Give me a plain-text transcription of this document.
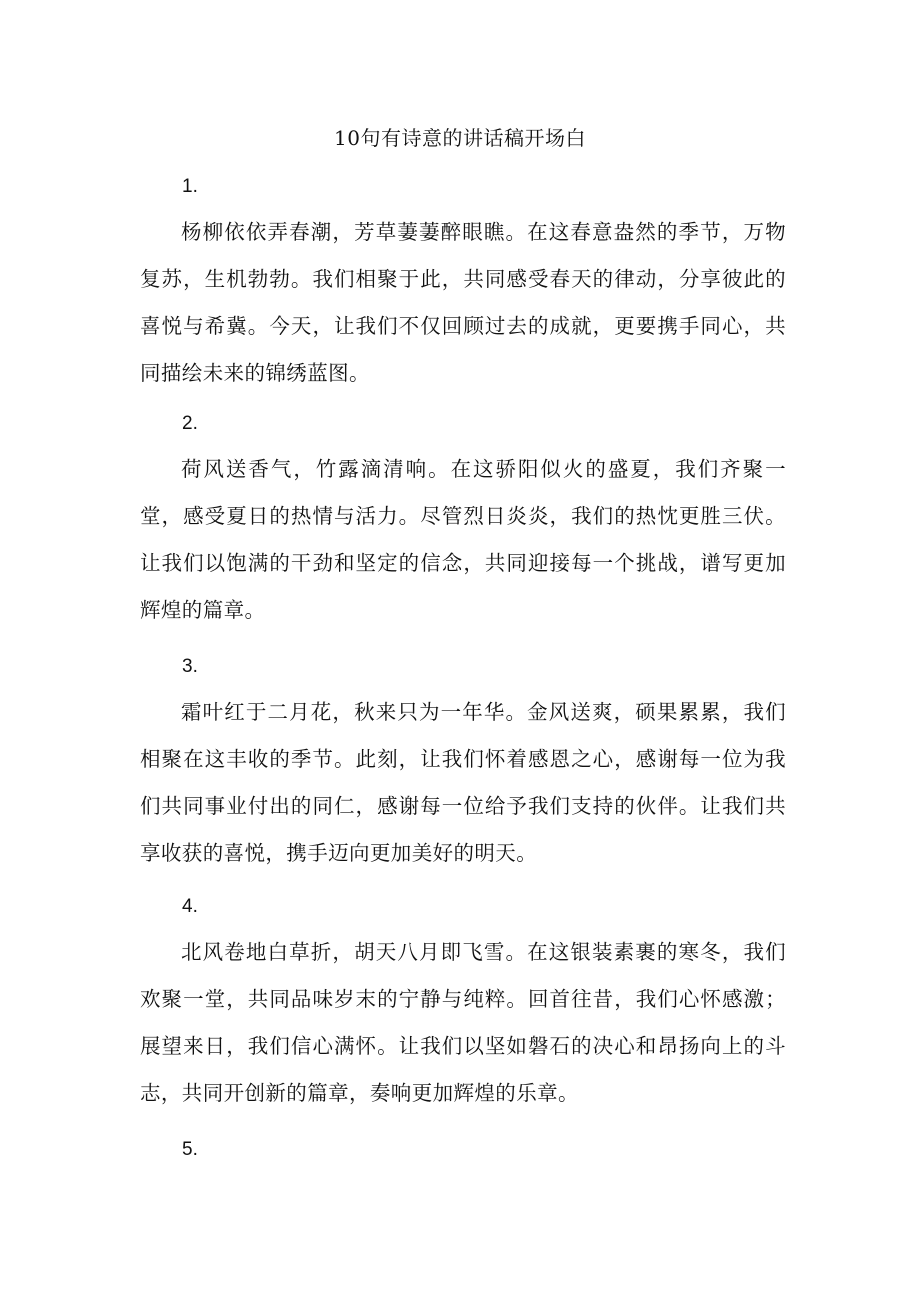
10句有诗意的讲话稿开场白
1.

杨柳依依弄春潮，芳草萋萋醉眼瞧。在这春意盎然的季节，万物复苏，生机勃勃。我们相聚于此，共同感受春天的律动，分享彼此的喜悦与希冀。今天，让我们不仅回顾过去的成就，更要携手同心，共同描绘未来的锦绣蓝图。

2.

荷风送香气，竹露滴清响。在这骄阳似火的盛夏，我们齐聚一堂，感受夏日的热情与活力。尽管烈日炎炎，我们的热忱更胜三伏。让我们以饱满的干劲和坚定的信念，共同迎接每一个挑战，谱写更加辉煌的篇章。

3.

霜叶红于二月花，秋来只为一年华。金风送爽，硕果累累，我们相聚在这丰收的季节。此刻，让我们怀着感恩之心，感谢每一位为我们共同事业付出的同仁，感谢每一位给予我们支持的伙伴。让我们共享收获的喜悦，携手迈向更加美好的明天。

4.

北风卷地白草折，胡天八月即飞雪。在这银装素裹的寒冬，我们欢聚一堂，共同品味岁末的宁静与纯粹。回首往昔，我们心怀感激；展望来日，我们信心满怀。让我们以坚如磐石的决心和昂扬向上的斗志，共同开创新的篇章，奏响更加辉煌的乐章。

5.
